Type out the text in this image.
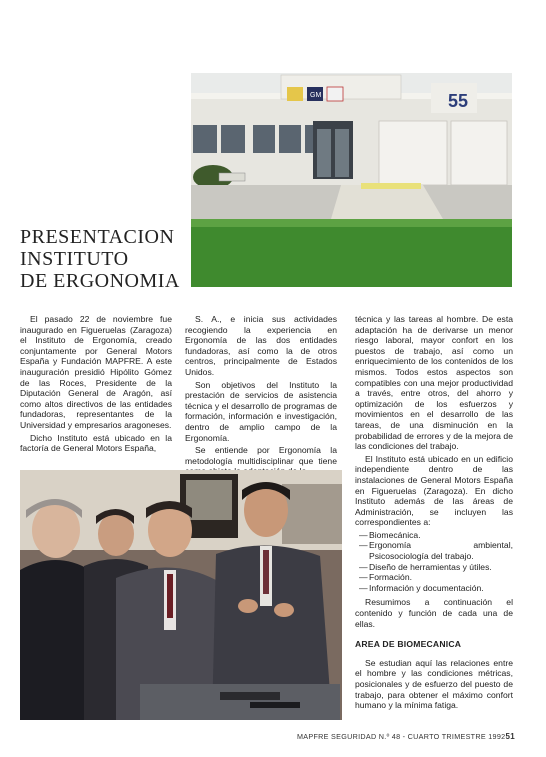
GM	55
PRESENTACION
INSTITUTO
DE ERGONOMIA

El pasado 22 de noviembre fue inaugurado en Figueruelas (Zaragoza) el Instituto de Ergonomía, creado conjuntamente por General Motors España y Fundación MAPFRE. A este inauguración presidió Hipólito Gómez de las Roces, Presidente de la Diputación General de Aragón, así como altos directivos de las entidades fundadoras, representantes de la Universidad y empresarios aragoneses.

Dicho Instituto está ubicado en la factoría de General Motors España,

S. A., e inicia sus actividades recogiendo la experiencia en Ergonomía de las dos entidades fundadoras, así como la de otros centros, principalmente de Estados Unidos.

Son objetivos del Instituto la prestación de servicios de asistencia técnica y el desarrollo de programas de formación, información e investigación, dentro de amplio campo de la Ergonomía.

Se entiende por Ergonomía la metodología multidisciplinar que tiene

técnica y las tareas al hombre. De esta adaptación ha de derivarse un menor riesgo laboral, mayor confort en los puestos de trabajo, así como un enriquecimiento de los contenidos de los mismos. Todos estos aspectos son compatibles con una mejor productividad a través, entre otros, del ahorro y optimización de los esfuerzos y movimientos en el desarrollo de las tareas, de una disminución en la probabilidad de errores y de la mejora de las condiciones del trabajo.

El Instituto está ubicado en un edificio independiente dentro de las instalaciones de General Motors España en Figueruelas (Zaragoza). En dicho Instituto además de las áreas de Administración, se incluyen las correspondientes a:

— Biomecánica.
— Ergonomía ambiental, Psicosociología del trabajo.
— Diseño de herramientas y útiles.
— Formación.
— Información y documentación.

Resumimos a continuación el contenido y función de cada una de ellas.

AREA DE BIOMECANICA

Se estudian aquí las relaciones entre el hombre y las condiciones métricas, posicionales y de esfuerzo del puesto de trabajo, para obtener el máximo confort humano y la mínima fatiga.

MAPFRE SEGURIDAD N.º 48 - CUARTO TRIMESTRE 1992 51
